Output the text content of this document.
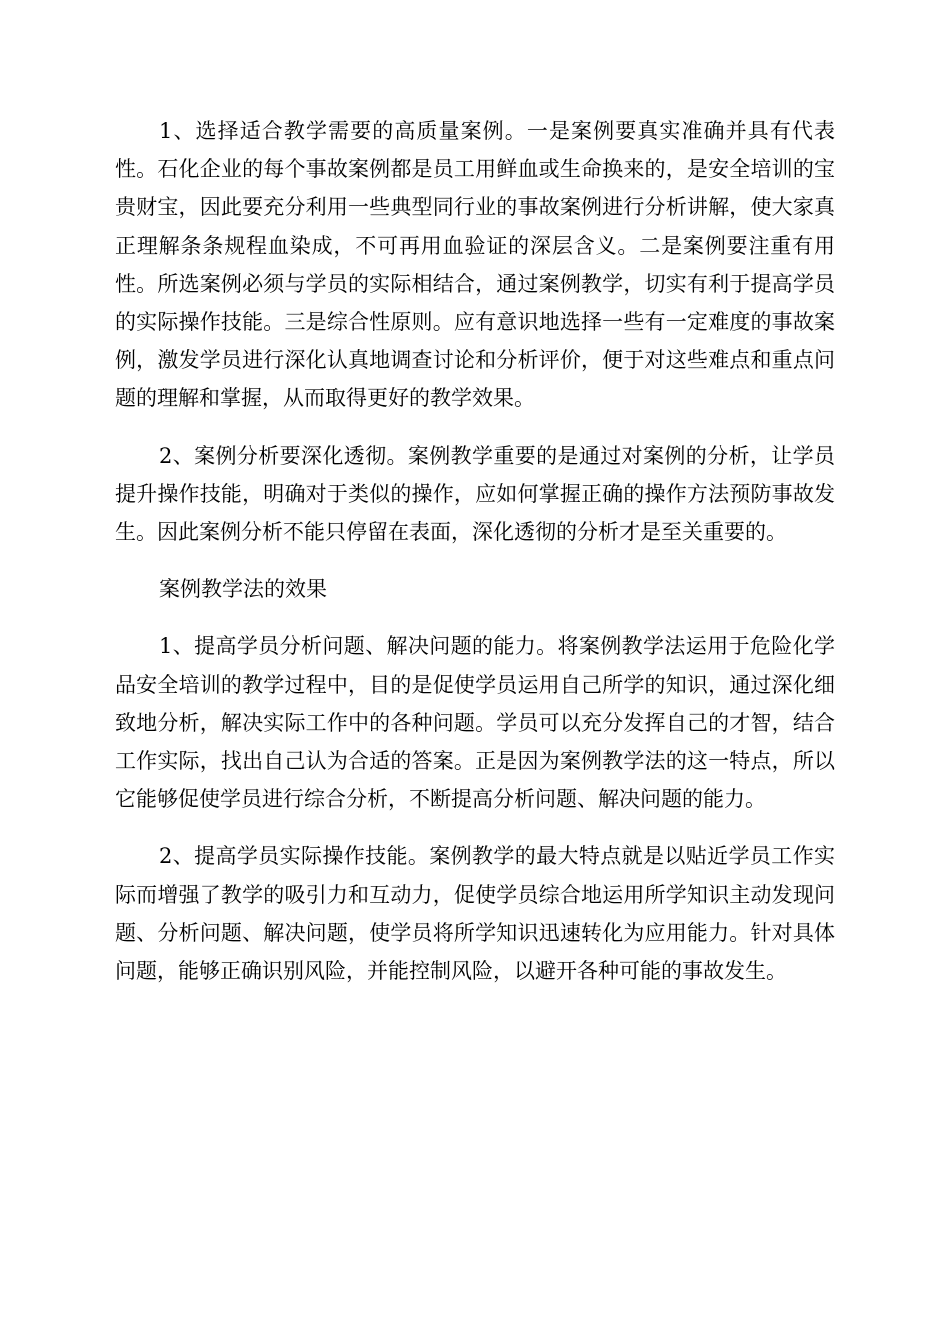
1、选择适合教学需要的高质量案例。一是案例要真实准确并具有代表性。石化企业的每个事故案例都是员工用鲜血或生命换来的，是安全培训的宝贵财宝，因此要充分利用一些典型同行业的事故案例进行分析讲解，使大家真正理解条条规程血染成，不可再用血验证的深层含义。二是案例要注重有用性。所选案例必须与学员的实际相结合，通过案例教学，切实有利于提高学员的实际操作技能。三是综合性原则。应有意识地选择一些有一定难度的事故案例，激发学员进行深化认真地调查讨论和分析评价，便于对这些难点和重点问题的理解和掌握，从而取得更好的教学效果。

2、案例分析要深化透彻。案例教学重要的是通过对案例的分析，让学员提升操作技能，明确对于类似的操作，应如何掌握正确的操作方法预防事故发生。因此案例分析不能只停留在表面，深化透彻的分析才是至关重要的。

案例教学法的效果

1、提高学员分析问题、解决问题的能力。将案例教学法运用于危险化学品安全培训的教学过程中，目的是促使学员运用自己所学的知识，通过深化细致地分析，解决实际工作中的各种问题。学员可以充分发挥自己的才智，结合工作实际，找出自己认为合适的答案。正是因为案例教学法的这一特点，所以它能够促使学员进行综合分析，不断提高分析问题、解决问题的能力。

2、提高学员实际操作技能。案例教学的最大特点就是以贴近学员工作实际而增强了教学的吸引力和互动力，促使学员综合地运用所学知识主动发现问题、分析问题、解决问题，使学员将所学知识迅速转化为应用能力。针对具体问题，能够正确识别风险，并能控制风险，以避开各种可能的事故发生。
